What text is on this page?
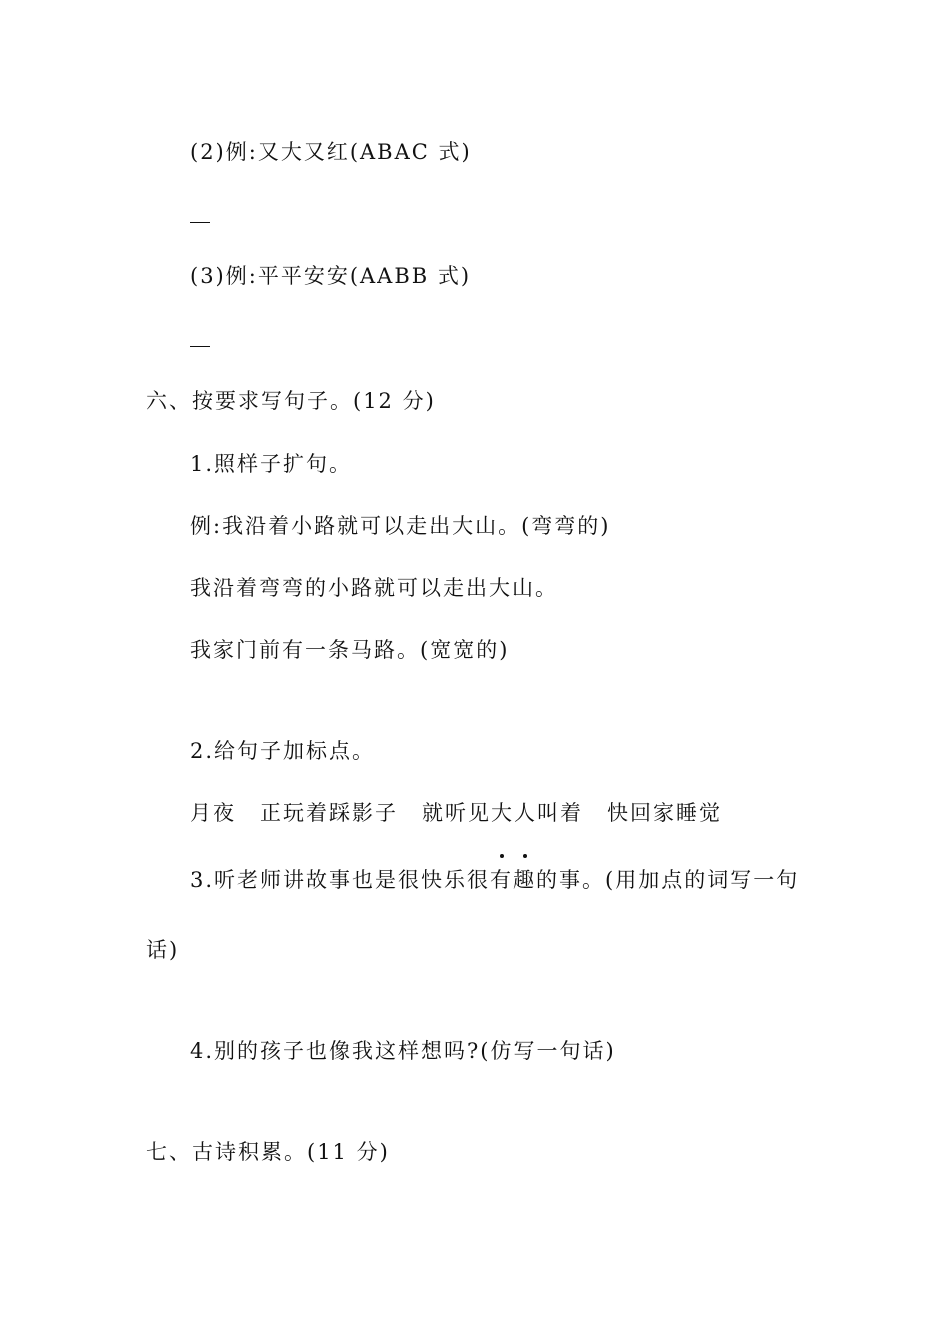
(2)例:又大又红(ABAC 式)
(3)例:平平安安(AABB 式)
六、按要求写句子。(12 分)
1.照样子扩句。
例:我沿着小路就可以走出大山。(弯弯的)
我沿着弯弯的小路就可以走出大山。
我家门前有一条马路。(宽宽的)
2.给句子加标点。
月夜 正玩着踩影子 就听见大人叫着 快回家睡觉
3.听老师讲故事也是很快乐很
有
趣的事。(用加点的词写一句
话)
4.别的孩子也像我这样想吗?(仿写一句话)
七、古诗积累。(11 分)
